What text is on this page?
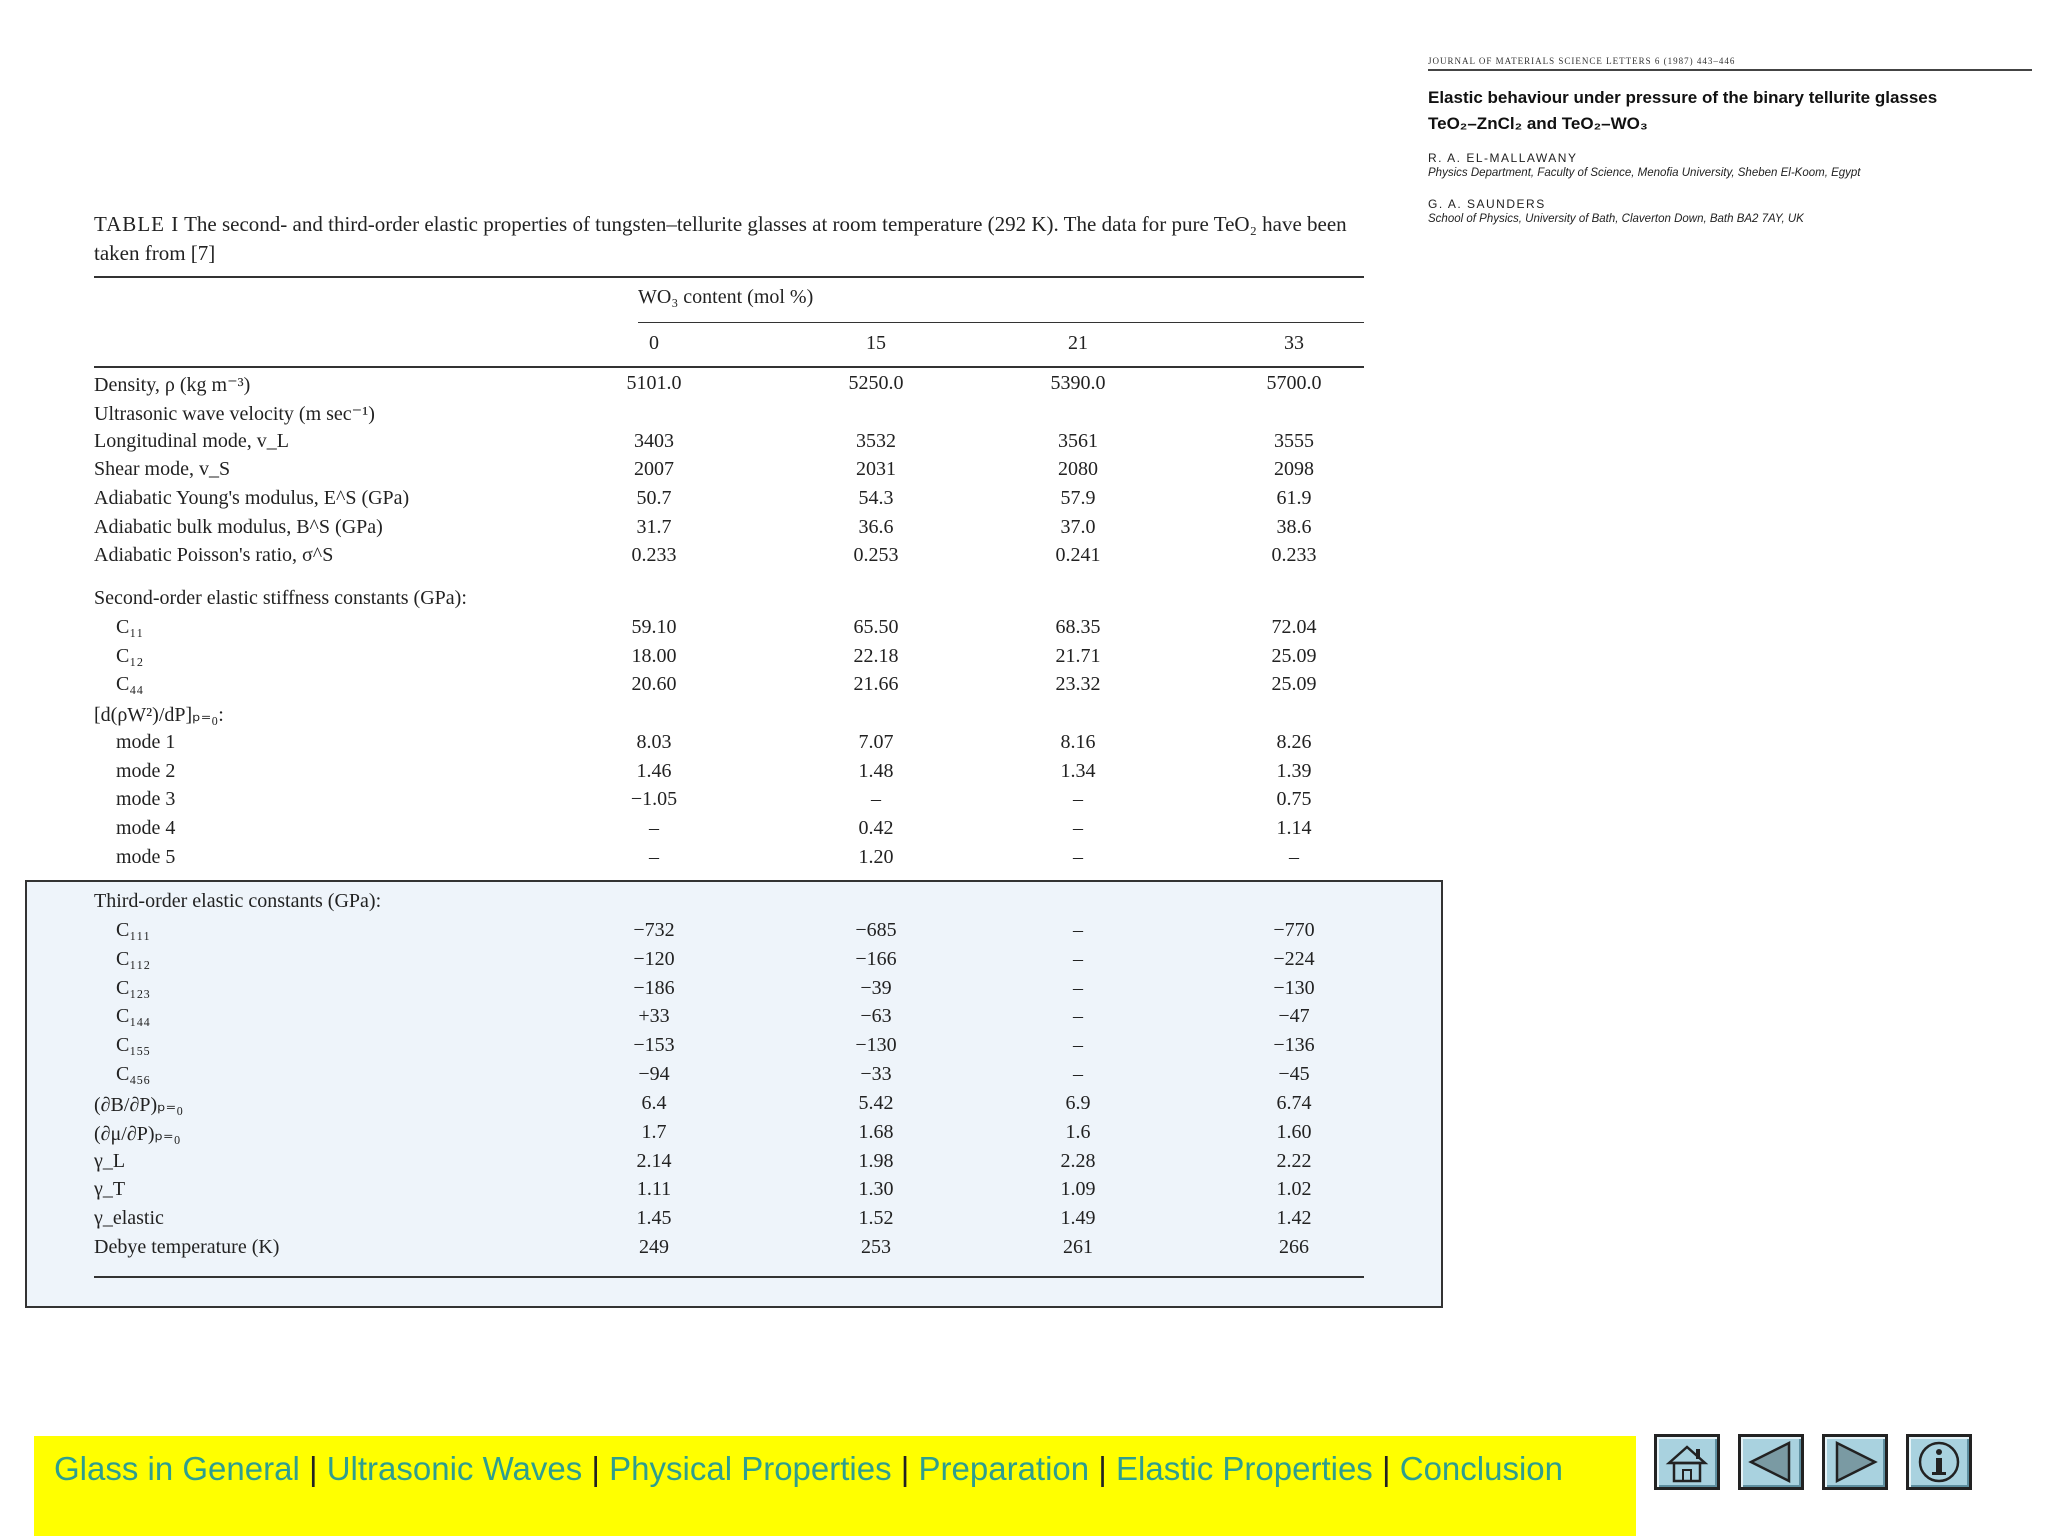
JOURNAL OF MATERIALS SCIENCE LETTERS 6 (1987) 443–446
Elastic behaviour under pressure of the binary tellurite glasses
TeO₂–ZnCl₂ and TeO₂–WO₃
R. A. EL-MALLAWANY
Physics Department, Faculty of Science, Menofia University, Sheben El-Koom, Egypt
G. A. SAUNDERS
School of Physics, University of Bath, Claverton Down, Bath BA2 7AY, UK
TABLE I The second- and third-order elastic properties of tungsten–tellurite glasses at room temperature (292 K). The data for pure TeO₂ have been taken from [7]
WO₃ content (mol %)
0	15	21	33
Density, ρ (kg m⁻³)	5101.0	5250.0	5390.0	5700.0
Ultrasonic wave velocity (m sec⁻¹)
Longitudinal mode, v_L	3403	3532	3561	3555
Shear mode, v_S	2007	2031	2080	2098
Adiabatic Young's modulus, E^S (GPa)	50.7	54.3	57.9	61.9
Adiabatic bulk modulus, B^S (GPa)	31.7	36.6	37.0	38.6
Adiabatic Poisson's ratio, σ^S	0.233	0.253	0.241	0.233
Second-order elastic stiffness constants (GPa):
C₁₁	59.10	65.50	68.35	72.04
C₁₂	18.00	22.18	21.71	25.09
C₄₄	20.60	21.66	23.32	25.09
[d(ρW²)/dP]ₚ₌₀:
mode 1	8.03	7.07	8.16	8.26
mode 2	1.46	1.48	1.34	1.39
mode 3	−1.05	–	–	0.75
mode 4	–	0.42	–	1.14
mode 5	–	1.20	–	–
Third-order elastic constants (GPa):
C₁₁₁	−732	−685	–	−770
C₁₁₂	−120	−166	–	−224
C₁₂₃	−186	−39	–	−130
C₁₄₄	+33	−63	–	−47
C₁₅₅	−153	−130	–	−136
C₄₅₆	−94	−33	–	−45
(∂B/∂P)ₚ₌₀	6.4	5.42	6.9	6.74
(∂μ/∂P)ₚ₌₀	1.7	1.68	1.6	1.60
γ_L	2.14	1.98	2.28	2.22
γ_T	1.11	1.30	1.09	1.02
γ_elastic	1.45	1.52	1.49	1.42
Debye temperature (K)	249	253	261	266
Glass in General | Ultrasonic Waves | Physical Properties | Preparation | Elastic Properties | Conclusion
